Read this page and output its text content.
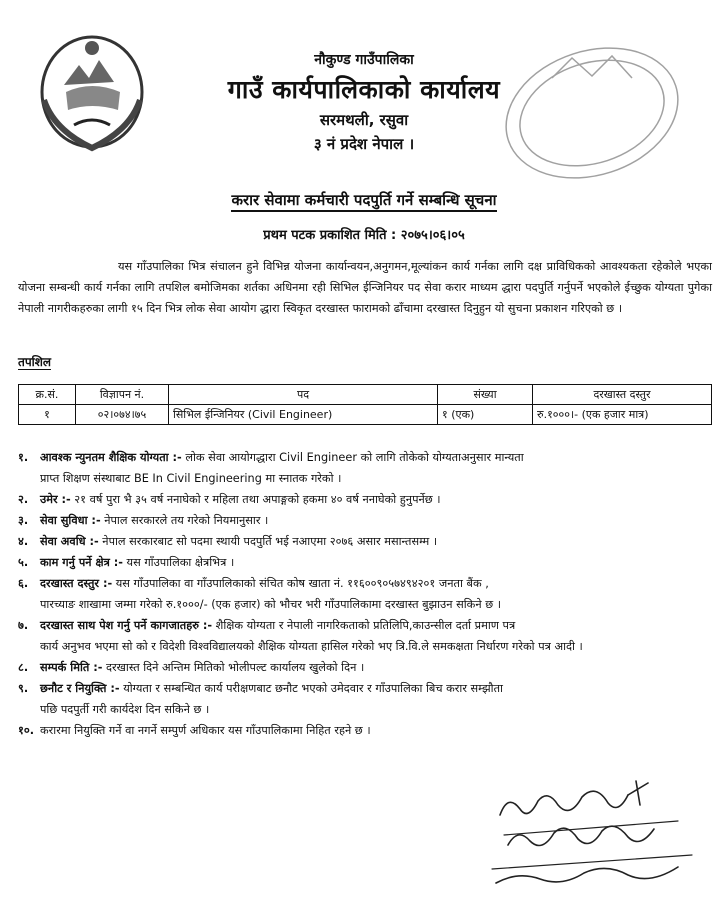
नौकुण्ड गाउँपालिका
गाउँ कार्यपालिकाको कार्यालय
सरमथली, रसुवा
३ नं प्रदेश नेपाल ।
करार सेवामा कर्मचारी पदपुर्ति गर्ने सम्बन्धि सूचना
प्रथम पटक प्रकाशित मिति : २०७५।०६।०५
यस गाँउपालिका भित्र संचालन हुने विभिन्न योजना कार्यान्वयन,अनुगमन,मूल्यांकन कार्य गर्नका लागि दक्ष प्राविधिकको आवश्यकता रहेकोले भएका योजना सम्बन्धी कार्य गर्नका लागि तपशिल बमोजिमका शर्तका अधिनमा रही सिभिल ईन्जिनियर पद सेवा करार माध्यम द्धारा पदपुर्ति गर्नुपर्ने भएकोले ईच्छुक योग्यता पुगेका नेपाली नागरीकहरुका लागी १५ दिन भित्र लोक सेवा आयोग द्धारा स्विकृत दरखास्त फारामको ढाँचामा दरखास्त दिनुहुन यो सुचना प्रकाशन गरिएको छ ।
तपशिल
क्र.सं.	विज्ञापन नं.	पद	संख्या	दरखास्त दस्तुर
१	०२।०७४।७५	सिभिल ईन्जिनियर (Civil Engineer)	१ (एक)	रु.१०००।- (एक हजार मात्र)
१.	आवश्क न्युनतम शैक्षिक योग्यता :- लोक सेवा आयोगद्धारा Civil Engineer को लागि तोकेको योग्यताअनुसार मान्यता
प्राप्त शिक्षण संस्थाबाट BE In Civil Engineering मा स्नातक गरेको ।
२.	उमेर :- २१ वर्ष पुरा भै ३५ वर्ष ननाघेको र महिला तथा अपाङ्गको हकमा ४० वर्ष ननाघेको हुनुपर्नेछ ।
३.	सेवा सुविधा :- नेपाल सरकारले तय गरेको नियमानुसार ।
४.	सेवा अवधि :- नेपाल सरकारबाट सो पदमा स्थायी पदपुर्ति भई नआएमा २०७६ असार मसान्तसम्म ।
५.	काम गर्नु पर्ने क्षेत्र :- यस गाँउपालिका क्षेत्रभित्र ।
६.	दरखास्त दस्तुर :- यस गाँउपालिका वा गाँउपालिकाको संचित कोष खाता नं. ११६००९०५७४९४२०१ जनता बैंक ,
पारच्याङ शाखामा जम्मा गरेको रु.१०००/- (एक हजार) को भौचर भरी गाँउपालिकामा दरखास्त बुझाउन सकिने छ ।
७.	दरखास्त साथ पेश गर्नु पर्ने कागजातहरु :- शैक्षिक योग्यता र नेपाली नागरिकताको प्रतिलिपि,काउन्सील दर्ता प्रमाण पत्र
कार्य अनुभव भएमा सो को र विदेशी विश्वविद्यालयको शैक्षिक योग्यता हासिल गरेको भए त्रि.वि.ले समकक्षता निर्धारण गरेको पत्र आदी ।
८.	सम्पर्क मिति :- दरखास्त दिने अन्तिम मितिको भोलीपल्ट कार्यालय खुलेको दिन ।
९.	छनौट र नियुक्ति :- योग्यता र सम्बन्धित कार्य परीक्षणबाट छनौट भएको उमेदवार र गाँउपालिका बिच करार सम्झौता
पछि पदपुर्ती गरी कार्यदेश दिन सकिने छ ।
१०. करारमा नियुक्ति गर्ने वा नगर्ने सम्पुर्ण अधिकार यस गाँउपालिकामा निहित रहने छ ।
